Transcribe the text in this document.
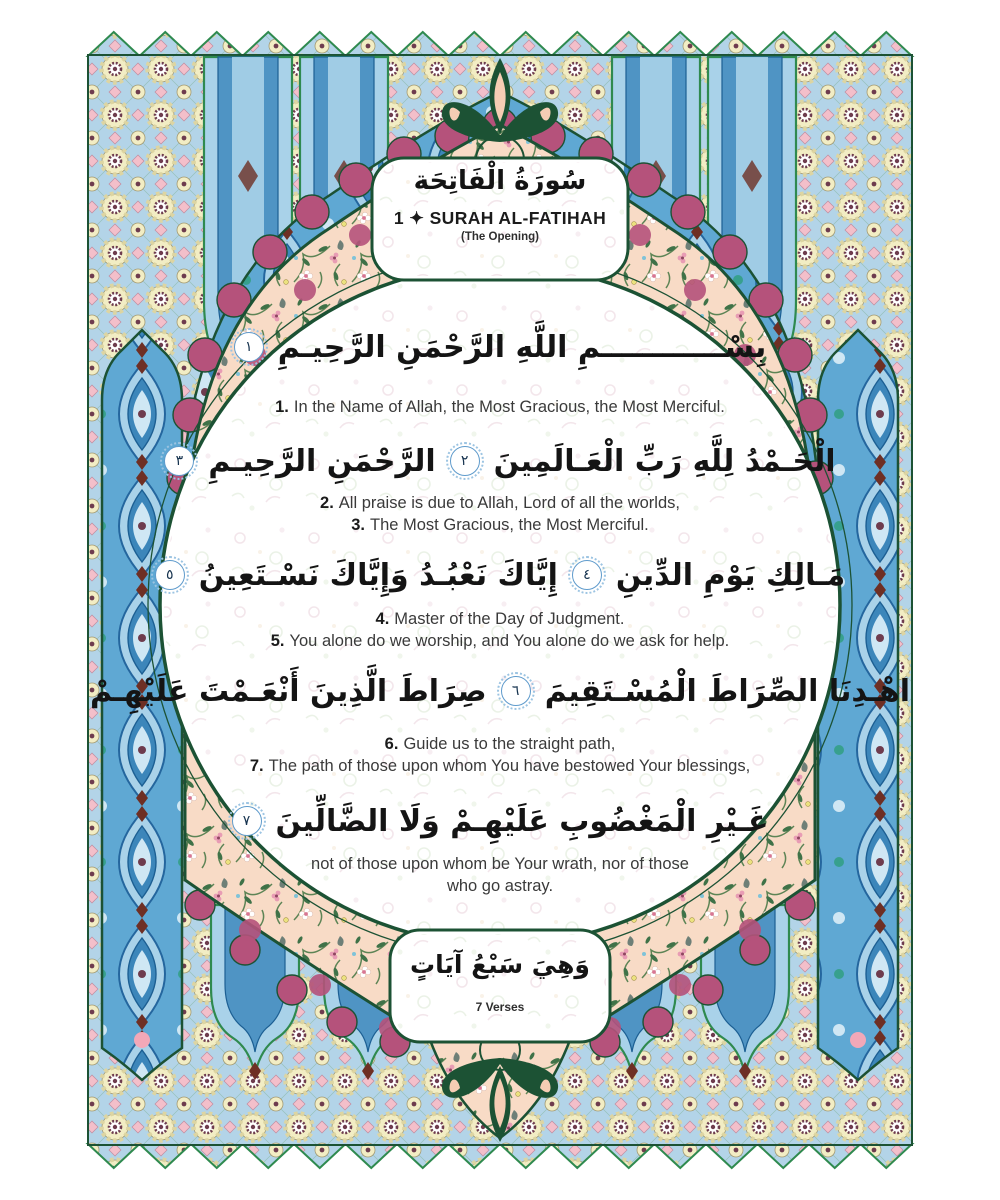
سُورَةُ الْفَاتِحَة
1 ✦ SURAH AL-FATIHAH
(The Opening)
بِسْــــــــــــمِ اللَّهِ الرَّحْمَنِ الرَّحِيـمِ
١
1. In the Name of Allah, the Most Gracious, the Most Merciful.
الْحَـمْدُ لِلَّهِ رَبِّ الْعَـالَمِينَ
٢
الرَّحْمَنِ الرَّحِيـمِ
٣
2. All praise is due to Allah, Lord of all the worlds,
3. The Most Gracious, the Most Merciful.
مَـالِكِ يَوْمِ الدِّينِ
٤
إِيَّاكَ نَعْبُـدُ وَإِيَّاكَ نَسْـتَعِينُ
٥
4. Master of the Day of Judgment.
5. You alone do we worship, and You alone do we ask for help.
اهْـدِنَا الصِّرَاطَ الْمُسْـتَقِيمَ
٦
صِرَاطَ الَّذِينَ أَنْعَـمْتَ عَلَيْهِـمْ
6. Guide us to the straight path,
7. The path of those upon whom You have bestowed Your blessings,
غَـيْرِ الْمَغْضُوبِ عَلَيْهِـمْ وَلَا الضَّالِّينَ
٧
not of those upon whom be Your wrath, nor of those
who go astray.
وَهِيَ سَبْعُ آيَاتٍ
7 Verses
